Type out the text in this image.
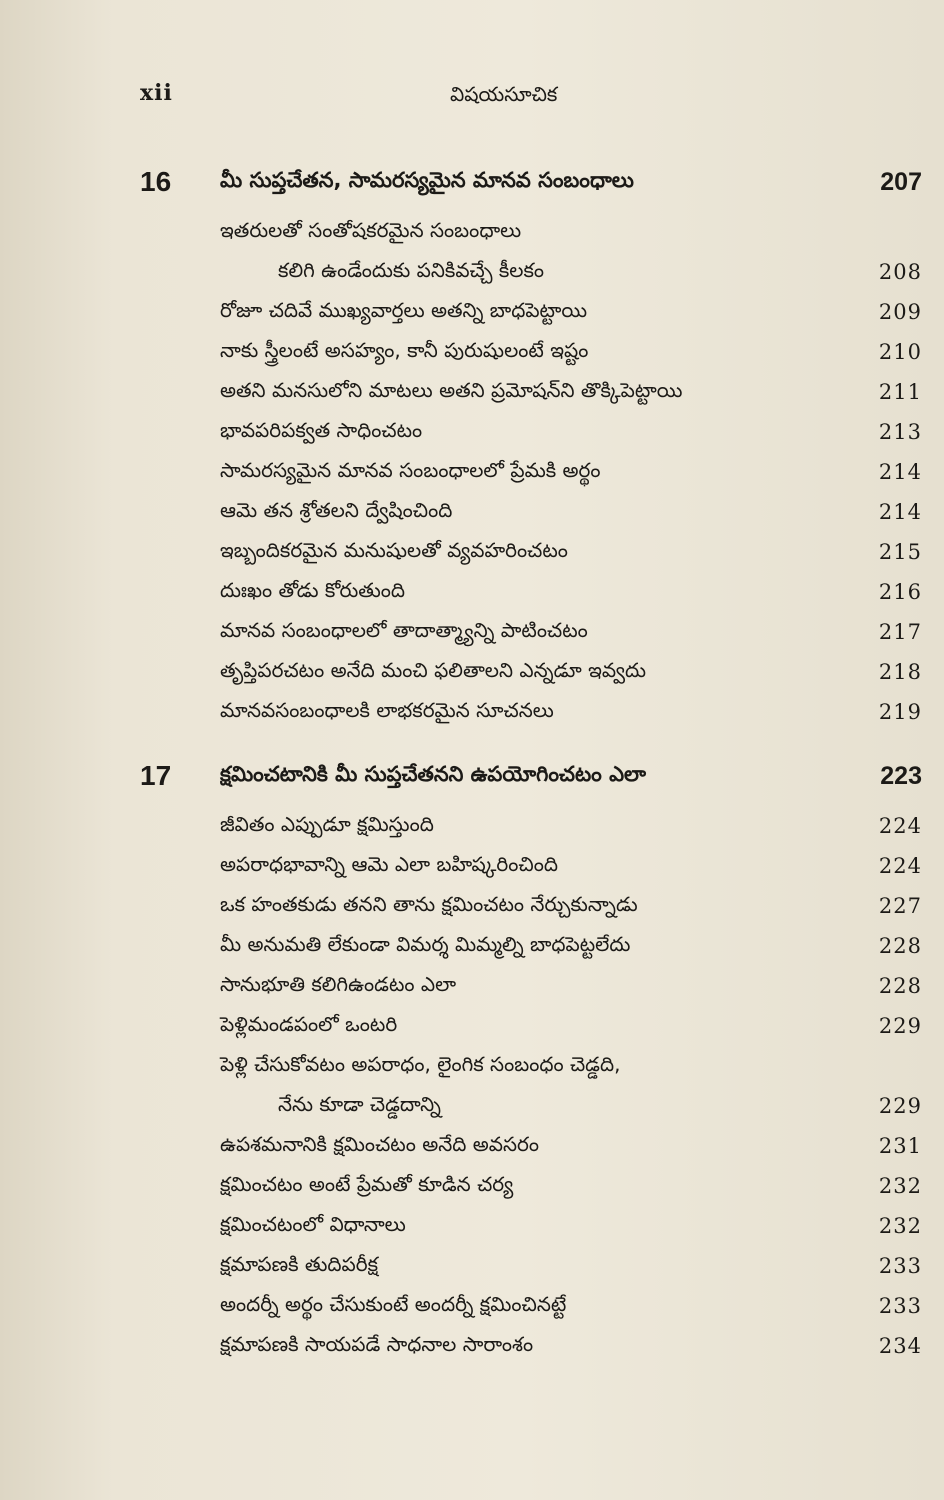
xii	విషయసూచిక
16 మీ సుప్తచేతన, సామరస్యమైన మానవ సంబంధాలు	207
ఇతరులతో సంతోషకరమైన సంబంధాలు
కలిగి ఉండేందుకు పనికివచ్చే కీలకం	208
రోజూ చదివే ముఖ్యవార్తలు అతన్ని బాధపెట్టాయి	209
నాకు స్త్రీలంటే అసహ్యం, కానీ పురుషులంటే ఇష్టం	210
అతని మనసులోని మాటలు అతని ప్రమోషన్‌ని తొక్కిపెట్టాయి	211
భావపరిపక్వత సాధించటం	213
సామరస్యమైన మానవ సంబంధాలలో ప్రేమకి అర్థం	214
ఆమె తన శ్రోతలని ద్వేషించింది	214
ఇబ్బందికరమైన మనుషులతో వ్యవహరించటం	215
దుఃఖం తోడు కోరుతుంది	216
మానవ సంబంధాలలో తాదాత్మ్యాన్ని పాటించటం	217
తృప్తిపరచటం అనేది మంచి ఫలితాలని ఎన్నడూ ఇవ్వదు	218
మానవసంబంధాలకి లాభకరమైన సూచనలు	219
17 క్షమించటానికి మీ సుప్తచేతనని ఉపయోగించటం ఎలా	223
జీవితం ఎప్పుడూ క్షమిస్తుంది	224
అపరాధభావాన్ని ఆమె ఎలా బహిష్కరించింది	224
ఒక హంతకుడు తనని తాను క్షమించటం నేర్చుకున్నాడు	227
మీ అనుమతి లేకుండా విమర్శ మిమ్మల్ని బాధపెట్టలేదు	228
సానుభూతి కలిగిఉండటం ఎలా	228
పెళ్లిమండపంలో ఒంటరి	229
పెళ్లి చేసుకోవటం అపరాధం, లైంగిక సంబంధం చెడ్డది,
నేను కూడా చెడ్డదాన్ని	229
ఉపశమనానికి క్షమించటం అనేది అవసరం	231
క్షమించటం అంటే ప్రేమతో కూడిన చర్య	232
క్షమించటంలో విధానాలు	232
క్షమాపణకి తుదిపరీక్ష	233
అందర్నీ అర్థం చేసుకుంటే అందర్నీ క్షమించినట్టే	233
క్షమాపణకి సాయపడే సాధనాల సారాంశం	234
